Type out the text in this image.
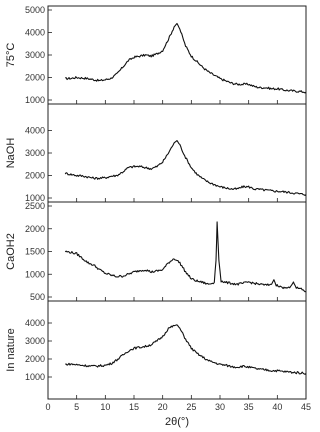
1000
2000
3000
4000
5000
75°C
1000
2000
3000
4000
NaOH
500
1000
1500
2000
2500
CaOH2
1000
2000
3000
4000
In nature
0	5 10 15 20 25 30 35 40 45
2θ(°)
